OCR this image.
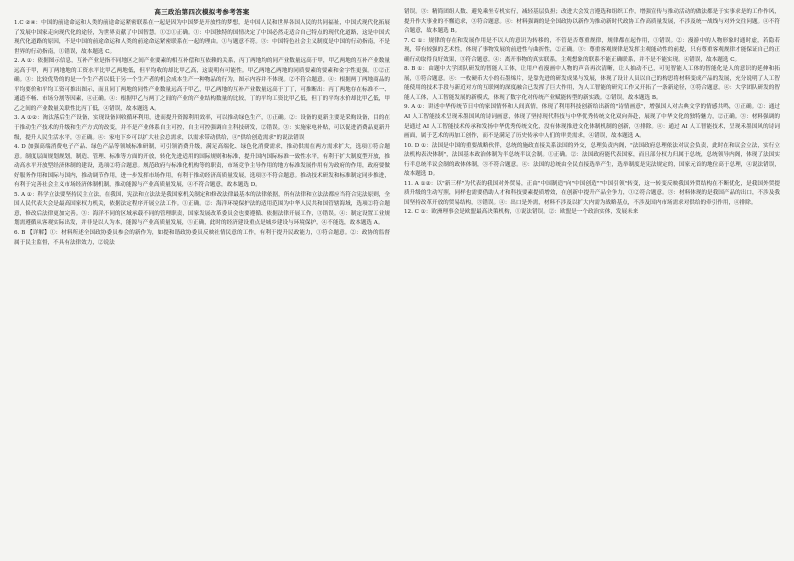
高三政治第四次模拟考参考答案

1.C ②④：中国的前途命运和人类的前途命运紧密联系在一起是因为中国梦是开放性的梦想，是中国人民和世界各国人民的共同福祉，中国式现代化拓展了发展中国家走向现代化的途径，为世界贡献了中国智慧。①②①正确。①：中国独特的国情决定了中国必然走适合自己特点的现代化道路，这是中国式现代化道路的原因，不是中国的前途命运和人类的前途命运紧密联系在一起的理由。①与题意不符。③：中国特色社会主义制度是中国的行动指南，不是世界的行动指南，①错误，故本题选 C。

2. A ①：依据图示信息，互补产业是指不同地区之间产业要素的相互补偿和互依赖的关系，丙丁两地均的同产业数量远高于甲，甲乙两地的互补产业数量远高于甲，两丁两地地的工资水平比甲乙两地低，但平均收的却比甲乙高，这说明有可能性。甲乙两地乙两地的同质要素的要素和金字性更强。①②正确。③：比较优势的的是一个生产者以低于另一个生产者的机会成本生产一种物品的行为，图示内容并不体现。②不符合题意。④：根据两丁两地商品的平均要价和平均工资可推出图示，而且同丁两地的同性产业数量远高于甲乙，甲乙两地的互补产业数量远高于丁丁，可推断出：丙丁两地存在标准不一、通道不畅、市场分割等因素，④正确。④：根据甲乙与两丁之间的产业的产业结构数量的比较，丁的平均工资比甲乙低，但丁的平均水价却比甲乙低，甲乙之间的产业数量关联性比丙丁低，④错误，故本题选 A。

3. A ①②：淘汰落后生产设备，实现设备回收循环利用，进而提升资源利用效率，可以推动绿色生产，①正确。②：设备的更新主要是采购设备，目的在于推动生产技术的升级和生产方式的改变，并不是产业体系自主可控，自主可控强调自主科技研发，②错误。③：实施家电补贴，可以促进消费品更新升级，提升人民生活水平，③正确。④：家电下乡可以扩大社会总需求，以需求带动供给，④"供给创造需求"的说法错误

4. D 加强高端消费电子产品、绿色产品等领域标准研制，可引领消费升级，满足高端化、绿色化消费需求，推动供需在两方需求扩大，选项①符合题意。制度层面规划规划，制造、管理、标准等方面的开放，转化先进适用的国际规则和标准，提升国内国际标准一致性水平，有利于扩大制度型开放，推动高水平开放型经济体制的建设，选项②符合题意。规范政府与标准化机构等的职责，市场竞争主导作用的地方标准发展作用有为政府的作用，政府要做好服务作用和国际与国内，推动调节作用，进一步发挥市场作用，有利于推动经济高质量发展，选项③不符合题意。推动技术研发和标准制定同步推进，有利于完善社会主义市场经济体制机制，推动能源与产业高质量发展，④不符合题意，故本题选 D。

5. A ①：科学立法要坚持民主立法，在我国，宪法和立法法是我国家机关制定和修改法律最基本的法律依据，所有法律和立法法都应当符合宪法原则，全国人民代表大会是最高国家权力机关，依据法定程序开展立法工作。①正确。②：海洋环境保护法的适用范围为中华人民共和国管辖海域，选项②符合题意，修改后法律更加完善。③：海洋不同的区域承载不同的管理职责，国家发展改革委员会也要遵循、依据法律开展工作，③错误。④：制定设置工业规划需遵循从客观实际出发，并非是以人为本，能源与产业高质量发展，⑤正确，此时的经济建设重点是城乡建设与环境保护，④不能选，故本题选 A。

6. B 【详解】①：材料所述全国政协委员参会的新作为，如提和谐政协委员反映社情民意的工作，有利于提升民政能力，①符合题意。②：政协的监督属于民主监督，不具有法律效力，②说法

错误。③：精简团组人数、避免乘坐专机实行，减轻基层负担；改进大会发言遵选和组织工作，增强宣传与推动活动的做法都是于实事求是的工作作风，提升作大事业的不懈追求，③符合题意。④：材料强调的是全国政协以新作为推动新时代政协工作高质量发展，不涉及统一战线与对外交往问题。④不符合题意，故本题选 B。

7. C ①：规律的存在和发展作用是不以人的意识为转移的，不管是否尊重规律，规律都在起作用，①错误。②：漫游中的人物形象时通时虚，若隐若现，带有较强的艺术性，体现了事物发展的前进性与曲折性，②正确。③：尊重客观规律是发挥主观能动性的前提，只有尊重客观规律才能保证自己的正确行动取得良好效果，③符合题意。④：离开事物的真实联系，主观想象的联系不能正确联系，并不是不能实现。④错误，故本题选 C。

8. B ①：由题中大学团队研发的智能人工体，让用户看漫画中人物的声音再次清晰，让人抽动不已，可见智能人工体的智能化是人的意识的延伸和拓展，①符合题意。④：一枚硬币大小的石墨烯片，是靠先进的研发成果与发展，体现了设计人员以自己的构思将材料变成产品的发展，充分说明了人工智能使用的技术手段与新近对方的互联网的深度融合已发挥了巨大作用，为人工智能的研究工作又开拓了一条新途径，③符合题意。④：大学团队研发的智能人工体，人工智能发展的新模式，体现了数字化对传统产业赋能转型的新实践。②错误，故本题选 B。

9. A ①：讲述中华传统节日中的家国情怀和人间真情，体现了利用科技创新给出新的"诗情画意"，增强国人对古典文学的情感共鸣，①正确。②：通过 AI 人工智能技术呈现禾墨国风的诗词画意，体现了坚持现代科技与中华优秀传统文化双向奔赴，展现了中华文化的独特魅力，②正确。③：材料强调的是通过 AI 人工智能技术传承和发扬中华优秀传统文化，没有体现推进文化体制机制的创新，③排除。④：通过 AI 人工智能技术，呈现禾墨国风的诗词画面，属于艺术的再加工创作，而不是满足了历史传承中人们的审美需求，④错误，故本题选 A。

10. D ①：法国是中国的重要战略伙伴，总统的施政直接关系法国的外交，总理负责内阁，"法国政府总理依法对议会负责，此时在和议会立法，实行立法机构表决体制"，法国基本政治体制为半总统半议会制。①正确。②：法国政府能代表国家，而且部分权力归属于总统，总统领导内阁，体现了法国实行半总统半议会制的政体体制，③不符合题意。④：法国的总统由全民直接选举产生，选举制度是宪法规定的，国家元首的地位高于总理，④说法错误，故本题选 D。

11. A ①②：以"新三样"为代表的我国对外贸易，正由"中国制造"向"中国创造""中国引领"转变，这一转变反映我国外贸结构在不断优化，是我国外贸提质升级的生动写照，同样也需要借助人才和科技要素提质增效，在创新中提升产品全争力，①②符合题意。③：材料体现的是我国产品的出口，不涉及我国坚持改革开放的贸易结构，③错误。④：出口是外需，材料不涉及以扩大内需为战略基点，不涉及国内市场需求对供给的牵引作用，④排除。

12. C ①：欧洲理事会是欧盟最高决策机构，①说法错误。②：欧盟是一个政治实体，发展未来
